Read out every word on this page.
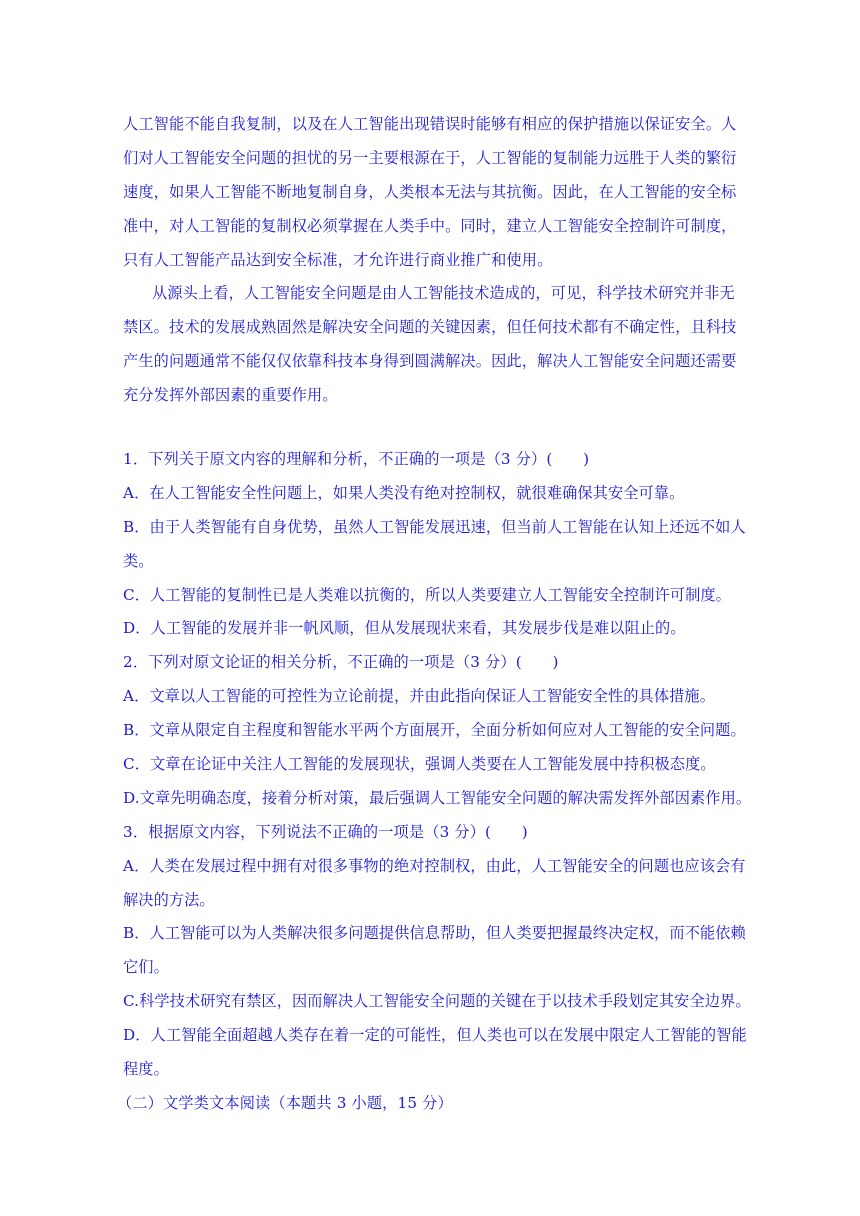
人工智能不能自我复制，以及在人工智能出现错误时能够有相应的保护措施以保证安全。人
们对人工智能安全问题的担忧的另一主要根源在于，人工智能的复制能力远胜于人类的繁衍
速度，如果人工智能不断地复制自身，人类根本无法与其抗衡。因此，在人工智能的安全标
准中，对人工智能的复制权必须掌握在人类手中。同时，建立人工智能安全控制许可制度，
只有人工智能产品达到安全标准，才允许进行商业推广和使用。
从源头上看，人工智能安全问题是由人工智能技术造成的，可见，科学技术研究并非无
禁区。技术的发展成熟固然是解决安全问题的关键因素，但任何技术都有不确定性，且科技
产生的问题通常不能仅仅依靠科技本身得到圆满解决。因此，解决人工智能安全问题还需要
充分发挥外部因素的重要作用。
1．下列关于原文内容的理解和分析，不正确的一项是（3 分）(　　)
A．在人工智能安全性问题上，如果人类没有绝对控制权，就很难确保其安全可靠。
B．由于人类智能有自身优势，虽然人工智能发展迅速，但当前人工智能在认知上还远不如人
类。
C．人工智能的复制性已是人类难以抗衡的，所以人类要建立人工智能安全控制许可制度。
D．人工智能的发展并非一帆风顺，但从发展现状来看，其发展步伐是难以阻止的。
2．下列对原文论证的相关分析，不正确的一项是（3 分）(　　)
A．文章以人工智能的可控性为立论前提，并由此指向保证人工智能安全性的具体措施。
B．文章从限定自主程度和智能水平两个方面展开，全面分析如何应对人工智能的安全问题。
C．文章在论证中关注人工智能的发展现状，强调人类要在人工智能发展中持积极态度。
D.文章先明确态度，接着分析对策，最后强调人工智能安全问题的解决需发挥外部因素作用。
3．根据原文内容，下列说法不正确的一项是（3 分）(　　)
A．人类在发展过程中拥有对很多事物的绝对控制权，由此，人工智能安全的问题也应该会有
解决的方法。
B．人工智能可以为人类解决很多问题提供信息帮助，但人类要把握最终决定权，而不能依赖
它们。
C.科学技术研究有禁区，因而解决人工智能安全问题的关键在于以技术手段划定其安全边界。
D．人工智能全面超越人类存在着一定的可能性，但人类也可以在发展中限定人工智能的智能
程度。
（二）文学类文本阅读（本题共 3 小题，15 分）
